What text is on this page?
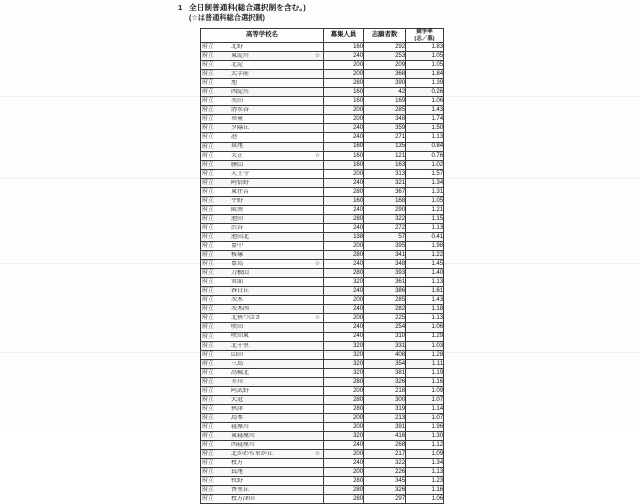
1 全日制普通科(総合選択制を含む。)
(☆は普通科総合選択制)
高等学校名	募集人員	志願者数	競争率
(志／募)

府立 北野	160	292	1.83

府立 東淀川 ☆	240	253	1.05

府立 北淀	200	209	1.05

府立 大手前	200	368	1.84

府立 旭	280	390	1.39

府立 西淀川	160	42	0.26

府立 茨田	160	169	1.06

府立 清水谷	200	285	1.43

府立 華童	200	348	1.74

府立 夕陽丘	240	359	1.50

府立 港	240	271	1.13

府立 泉尾	160	135	0.84

府立 大正 ☆	160	121	0.76

府立 勝山	160	163	1.02

府立 天王寺	200	313	1.57

府立 阿倍野	240	321	1.34

府立 東住吉	280	367	1.31

府立 平野	160	168	1.05

府立 阪南	240	290	1.21

府立 池田	280	322	1.15

府立 渋谷	240	272	1.13

府立 池田北	138	57	0.41

府立 豊中	200	395	1.98

府立 桜塚	280	341	1.22

府立 豊島 ☆	240	348	1.45

府立 刀根山	280	393	1.40

府立 箕面	320	361	1.13

府立 春日丘	240	386	1.61

府立 茨木	200	285	1.43

府立 茨木西	240	282	1.18

府立 北摂つばさ ☆	200	225	1.13

府立 吹田	240	254	1.06

府立 吹田東	240	310	1.29

府立 北千里	320	331	1.03

府立 山田	320	408	1.28

府立 三島	320	354	1.11

府立 高槻北	320	381	1.19

府立 芥川	280	326	1.16

府立 阿武野	200	218	1.09

府立 大冠	280	300	1.07

府立 摂津	280	319	1.14

府立 島本	200	213	1.07

府立 寝屋川	200	391	1.96

府立 東寝屋川	320	416	1.30

府立 西寝屋川	240	268	1.12

府立 北かわち皐が丘 ☆	200	217	1.09

府立 枚方	240	322	1.34

府立 長尾	200	226	1.13

府立 牧野	280	345	1.23

府立 香里丘	280	326	1.16

府立 枚方津田	280	297	1.06
